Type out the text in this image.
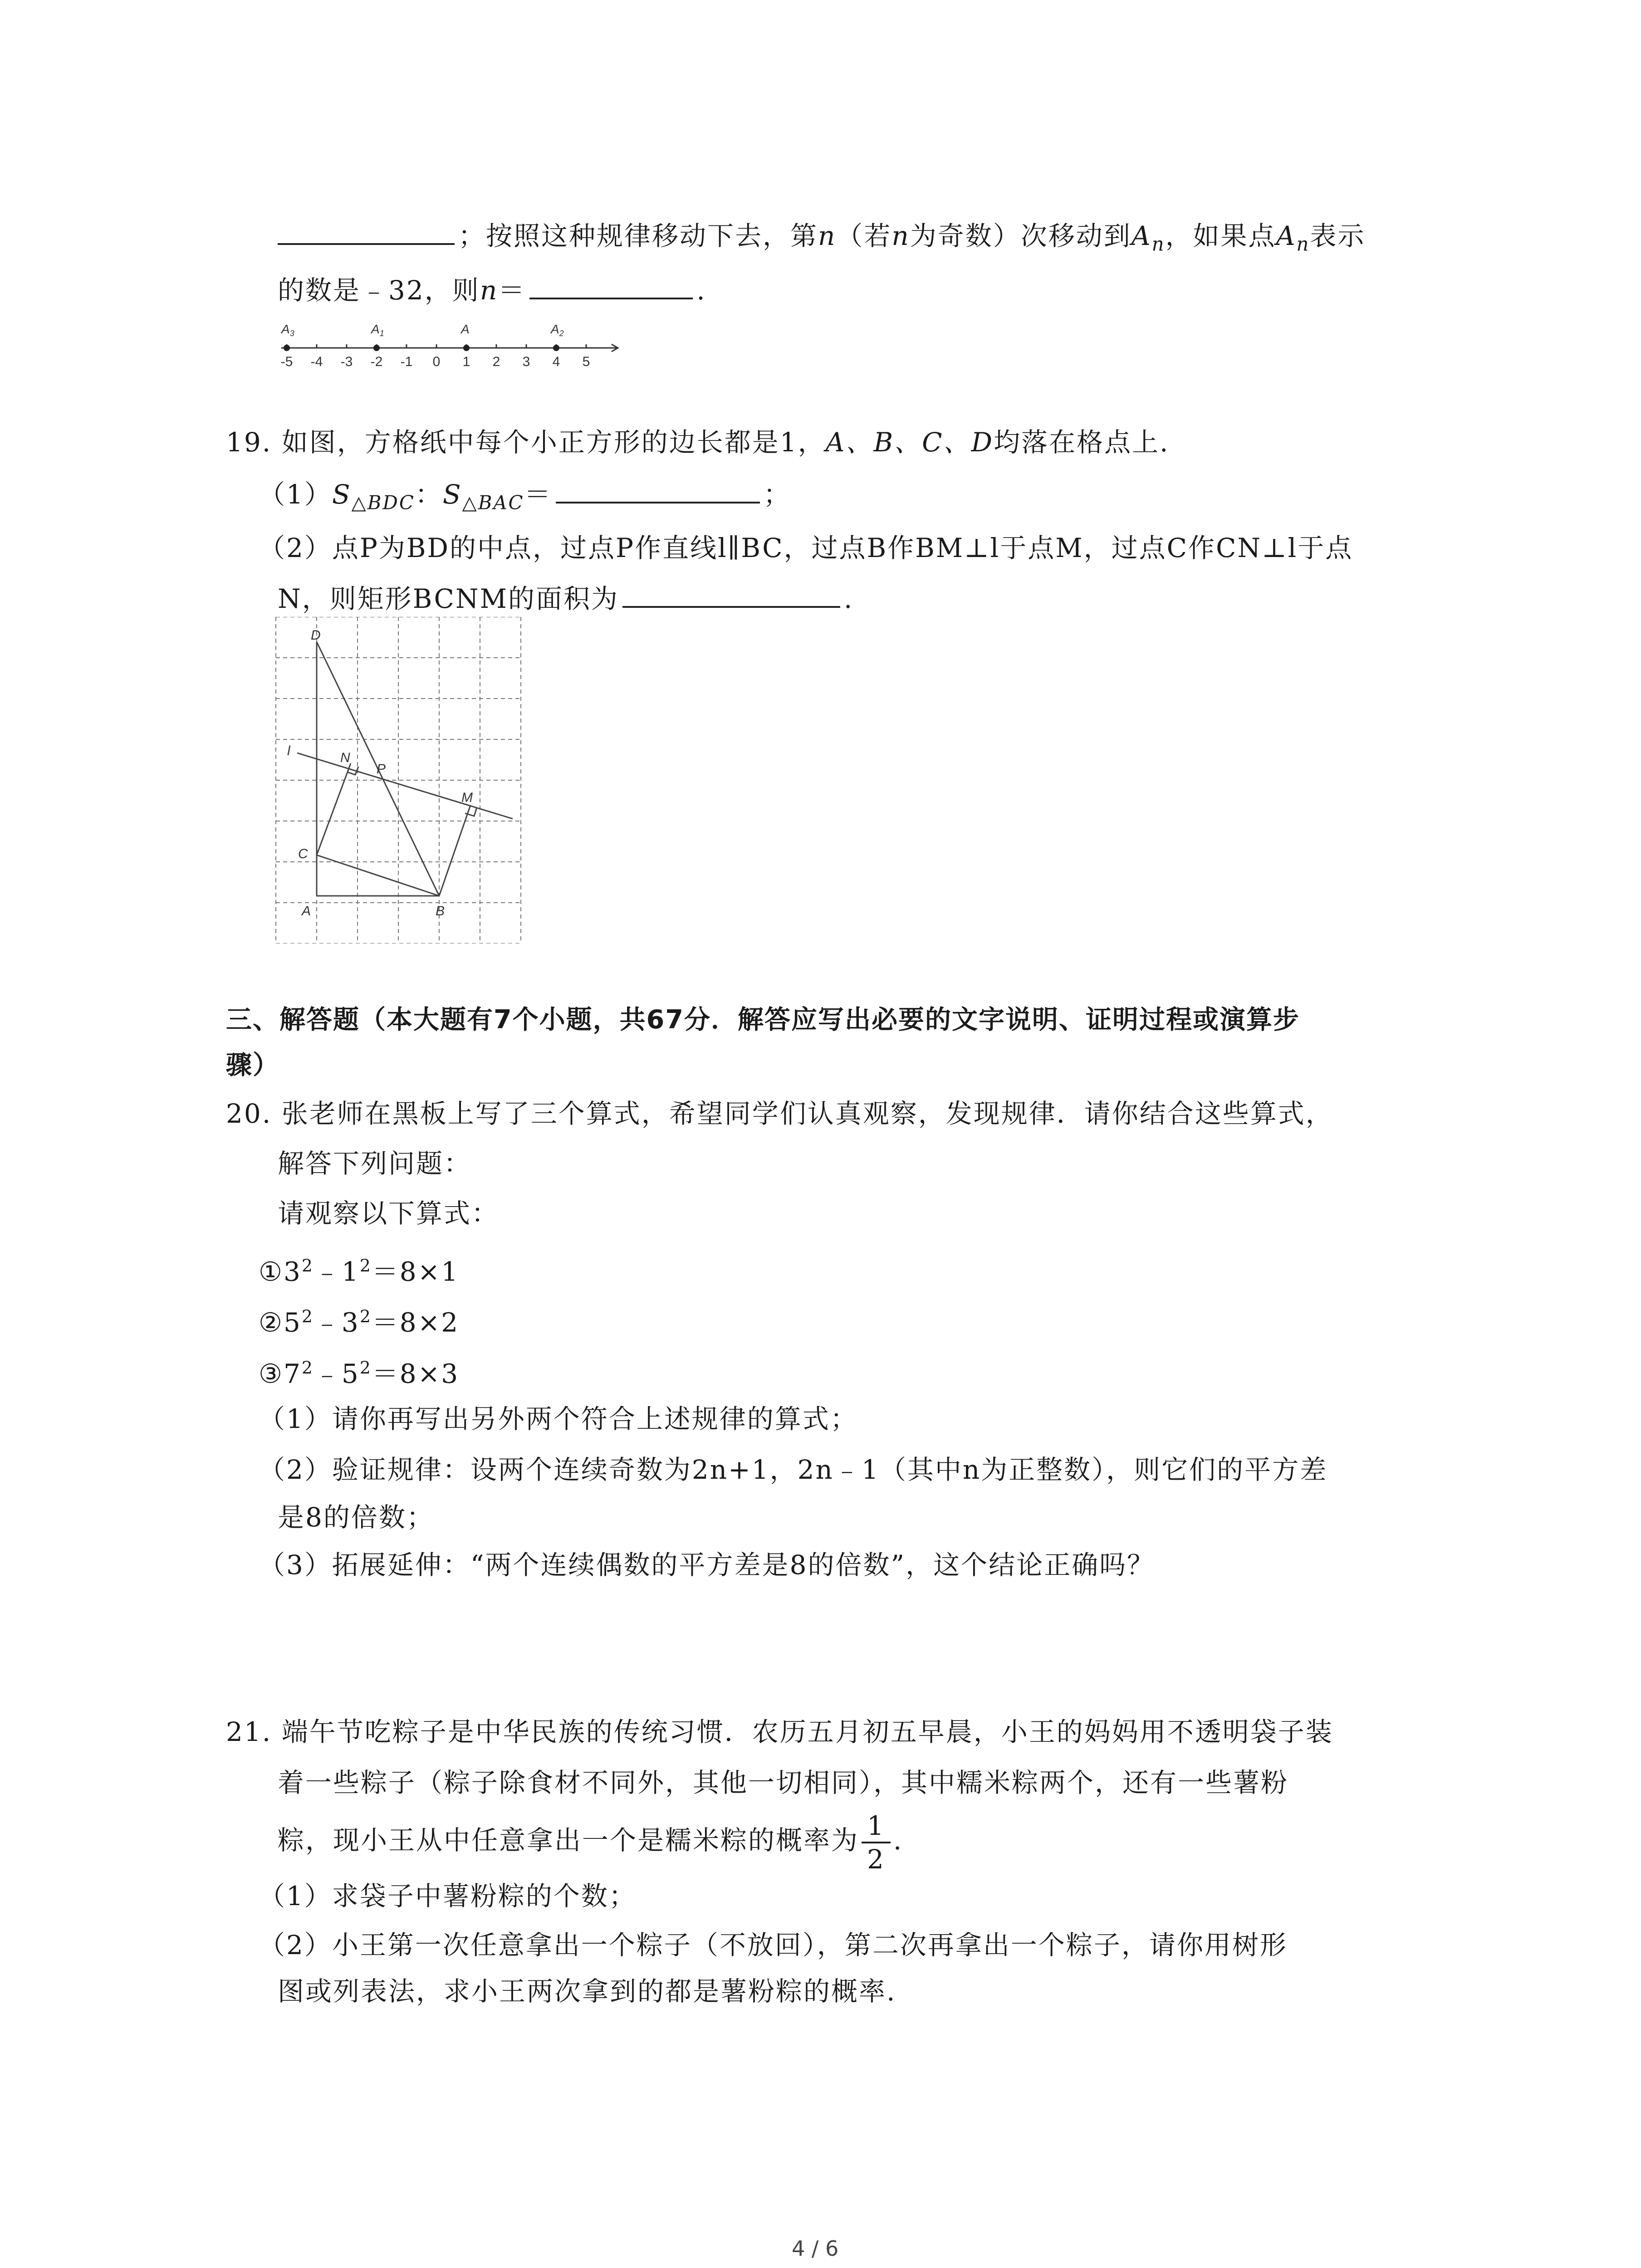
；按照这种规律移动下去，第n（若n为奇数）次移动到$A_n$，如果点$A_n$表示
的数是﹣32，则n＝	.
-5 -4 -3 -2 -1 0 1 2 3 4 5
$A_3$	$A_1$	A	$A_2$
19. 如图，方格纸中每个小正方形的边长都是1，A、B、C、D均落在格点上.
$(1)S_{\triangle BDC}$：$S_{\triangle BAC}=$	；
（2）点P为BD的中点，过点P作直线l∥BC，过点B作BM⊥l于点M，过点C作CN⊥l于点
N，则矩形BCNM的面积为	.
D
l	N
P
M
C
A	B
三、解答题（本大题有7个小题，共67分．解答应写出必要的文字说明、证明过程或演算步
骤）
20. 张老师在黑板上写了三个算式，希望同学们认真观察，发现规律．请你结合这些算式，
解答下列问题：
请观察以下算式：
$①3^2﹣1^2=8\times 1$
$②5^2﹣3^2=8\times 2$
$③7^2﹣5^2=8\times 3$
（1）请你再写出另外两个符合上述规律的算式；
（2）验证规律：设两个连续奇数为2n+1，2n﹣1（其中n为正整数），则它们的平方差
是8的倍数；
（3）拓展延伸：“两个连续偶数的平方差是8的倍数”，这个结论正确吗？
21. 端午节吃粽子是中华民族的传统习惯．农历五月初五早晨，小王的妈妈用不透明袋子装
着一些粽子（粽子除食材不同外，其他一切相同），其中糯米粽两个，还有一些薯粉
粽，现小王从中任意拿出一个是糯米粽的概率为 $\frac{1}{2}$ .
（1）求袋子中薯粉粽的个数；
（2）小王第一次任意拿出一个粽子（不放回），第二次再拿出一个粽子，请你用树形
图或列表法，求小王两次拿到的都是薯粉粽的概率.
4 / 6
